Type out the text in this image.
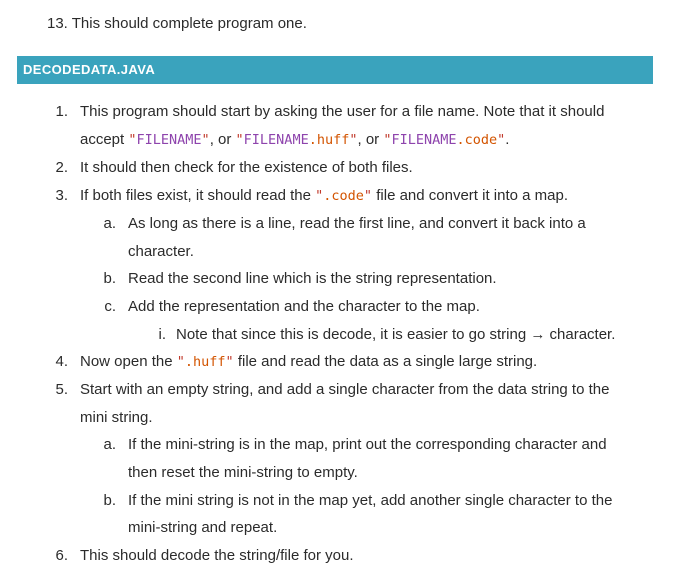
13. This should complete program one.
DECODEDATA.JAVA
1. This program should start by asking the user for a file name. Note that it should
accept "FILENAME", or "FILENAME.huff", or "FILENAME.code".
2. It should then check for the existence of both files.
3. If both files exist, it should read the ".code" file and convert it into a map.
a. As long as there is a line, read the first line, and convert it back into a
character.
b. Read the second line which is the string representation.
c. Add the representation and the character to the map.
i. Note that since this is decode, it is easier to go string → character.
4. Now open the ".huff" file and read the data as a single large string.
5. Start with an empty string, and add a single character from the data string to the
mini string.
a. If the mini-string is in the map, print out the corresponding character and
then reset the mini-string to empty.
b. If the mini string is not in the map yet, add another single character to the
mini-string and repeat.
6. This should decode the string/file for you.
